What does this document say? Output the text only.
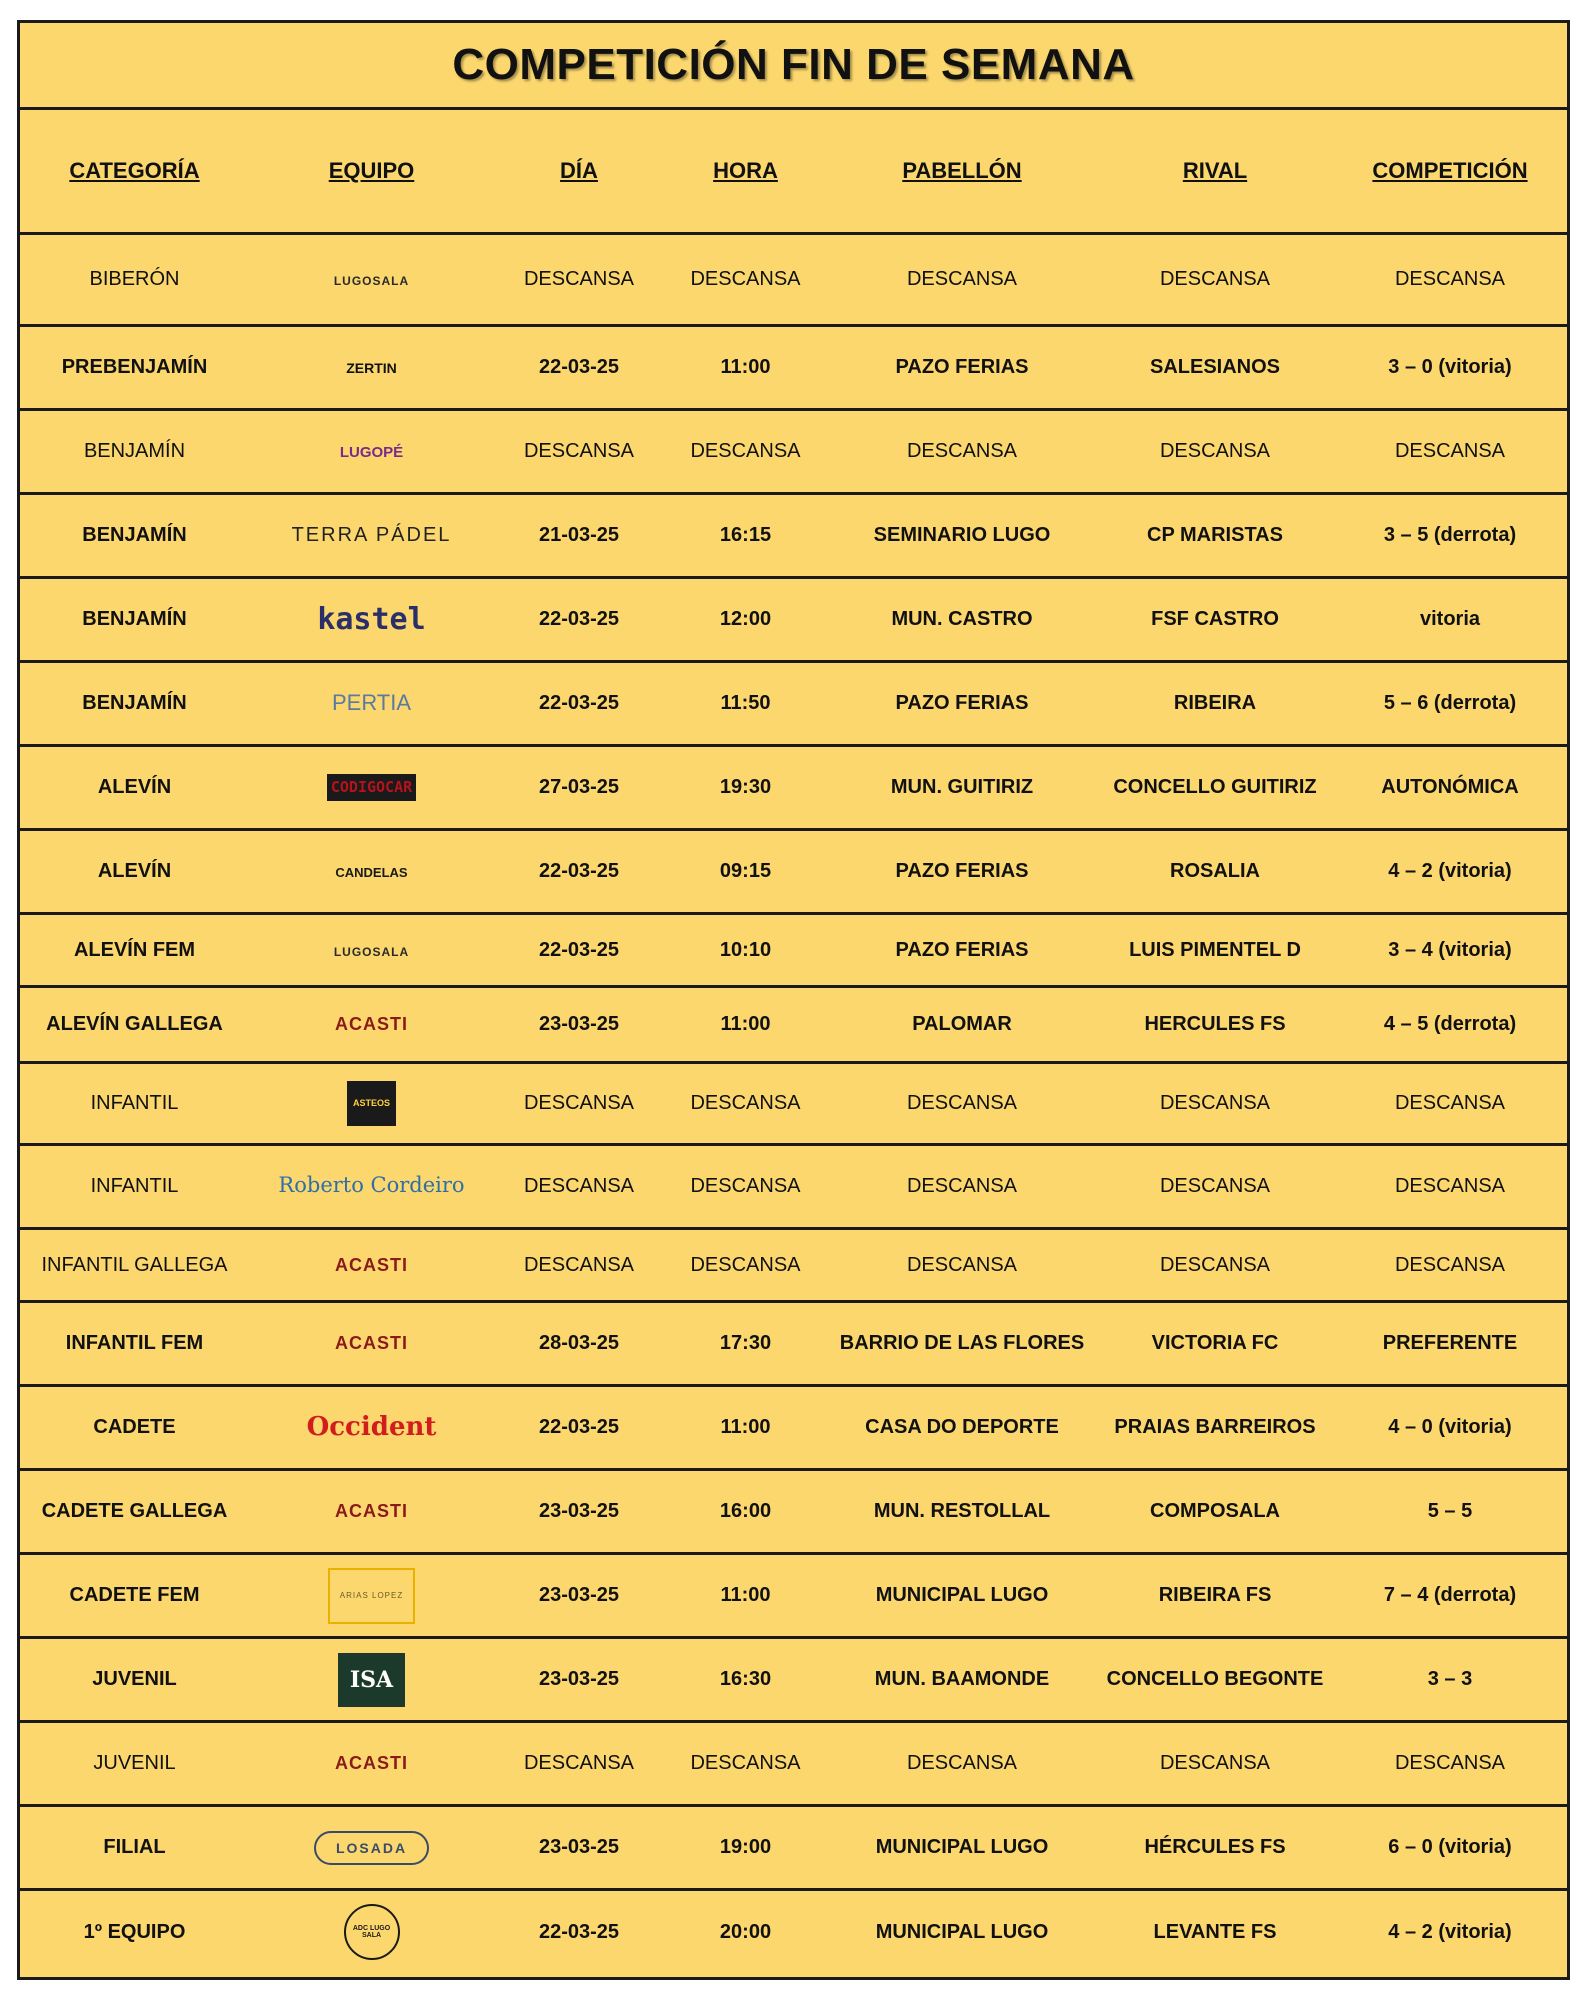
COMPETICIÓN FIN DE SEMANA
CATEGORÍA	EQUIPO	DÍA	HORA	PABELLÓN	RIVAL	COMPETICIÓN
BIBERÓN	LUGOSALA	DESCANSA	DESCANSA	DESCANSA	DESCANSA	DESCANSA
PREBENJAMÍN	ZERTIN	22-03-25	11:00	PAZO FERIAS	SALESIANOS	3 – 0 (vitoria)
BENJAMÍN	LUGOPÉ	DESCANSA	DESCANSA	DESCANSA	DESCANSA	DESCANSA
BENJAMÍN	TERRA PÁDEL	21-03-25	16:15	SEMINARIO LUGO	CP MARISTAS	3 – 5 (derrota)
BENJAMÍN	kastel	22-03-25	12:00	MUN. CASTRO	FSF CASTRO	vitoria
BENJAMÍN	PERTIA	22-03-25	11:50	PAZO FERIAS	RIBEIRA	5 – 6 (derrota)
ALEVÍN	CODIGOCAR	27-03-25	19:30	MUN. GUITIRIZ	CONCELLO GUITIRIZ	AUTONÓMICA
ALEVÍN	CANDELAS	22-03-25	09:15	PAZO FERIAS	ROSALIA	4 – 2 (vitoria)
ALEVÍN FEM	LUGOSALA	22-03-25	10:10	PAZO FERIAS	LUIS PIMENTEL D	3 – 4 (vitoria)
ALEVÍN GALLEGA	ACASTI	23-03-25	11:00	PALOMAR	HERCULES FS	4 – 5 (derrota)
INFANTIL	ASTEOS	DESCANSA	DESCANSA	DESCANSA	DESCANSA	DESCANSA
INFANTIL	Roberto Cordeiro	DESCANSA	DESCANSA	DESCANSA	DESCANSA	DESCANSA
INFANTIL GALLEGA	ACASTI	DESCANSA	DESCANSA	DESCANSA	DESCANSA	DESCANSA
INFANTIL FEM	ACASTI	28-03-25	17:30	BARRIO DE LAS FLORES	VICTORIA FC	PREFERENTE
CADETE	Occident	22-03-25	11:00	CASA DO DEPORTE	PRAIAS BARREIROS	4 – 0 (vitoria)
CADETE GALLEGA	ACASTI	23-03-25	16:00	MUN. RESTOLLAL	COMPOSALA	5 – 5
CADETE FEM	ARIAS LOPEZ	23-03-25	11:00	MUNICIPAL LUGO	RIBEIRA FS	7 – 4 (derrota)
JUVENIL	ISA	23-03-25	16:30	MUN. BAAMONDE	CONCELLO BEGONTE	3 – 3
JUVENIL	ACASTI	DESCANSA	DESCANSA	DESCANSA	DESCANSA	DESCANSA
FILIAL	LOSADA	23-03-25	19:00	MUNICIPAL LUGO	HÉRCULES FS	6 – 0 (vitoria)
1º EQUIPO	ADC LUGO SALA	22-03-25	20:00	MUNICIPAL LUGO	LEVANTE FS	4 – 2 (vitoria)
